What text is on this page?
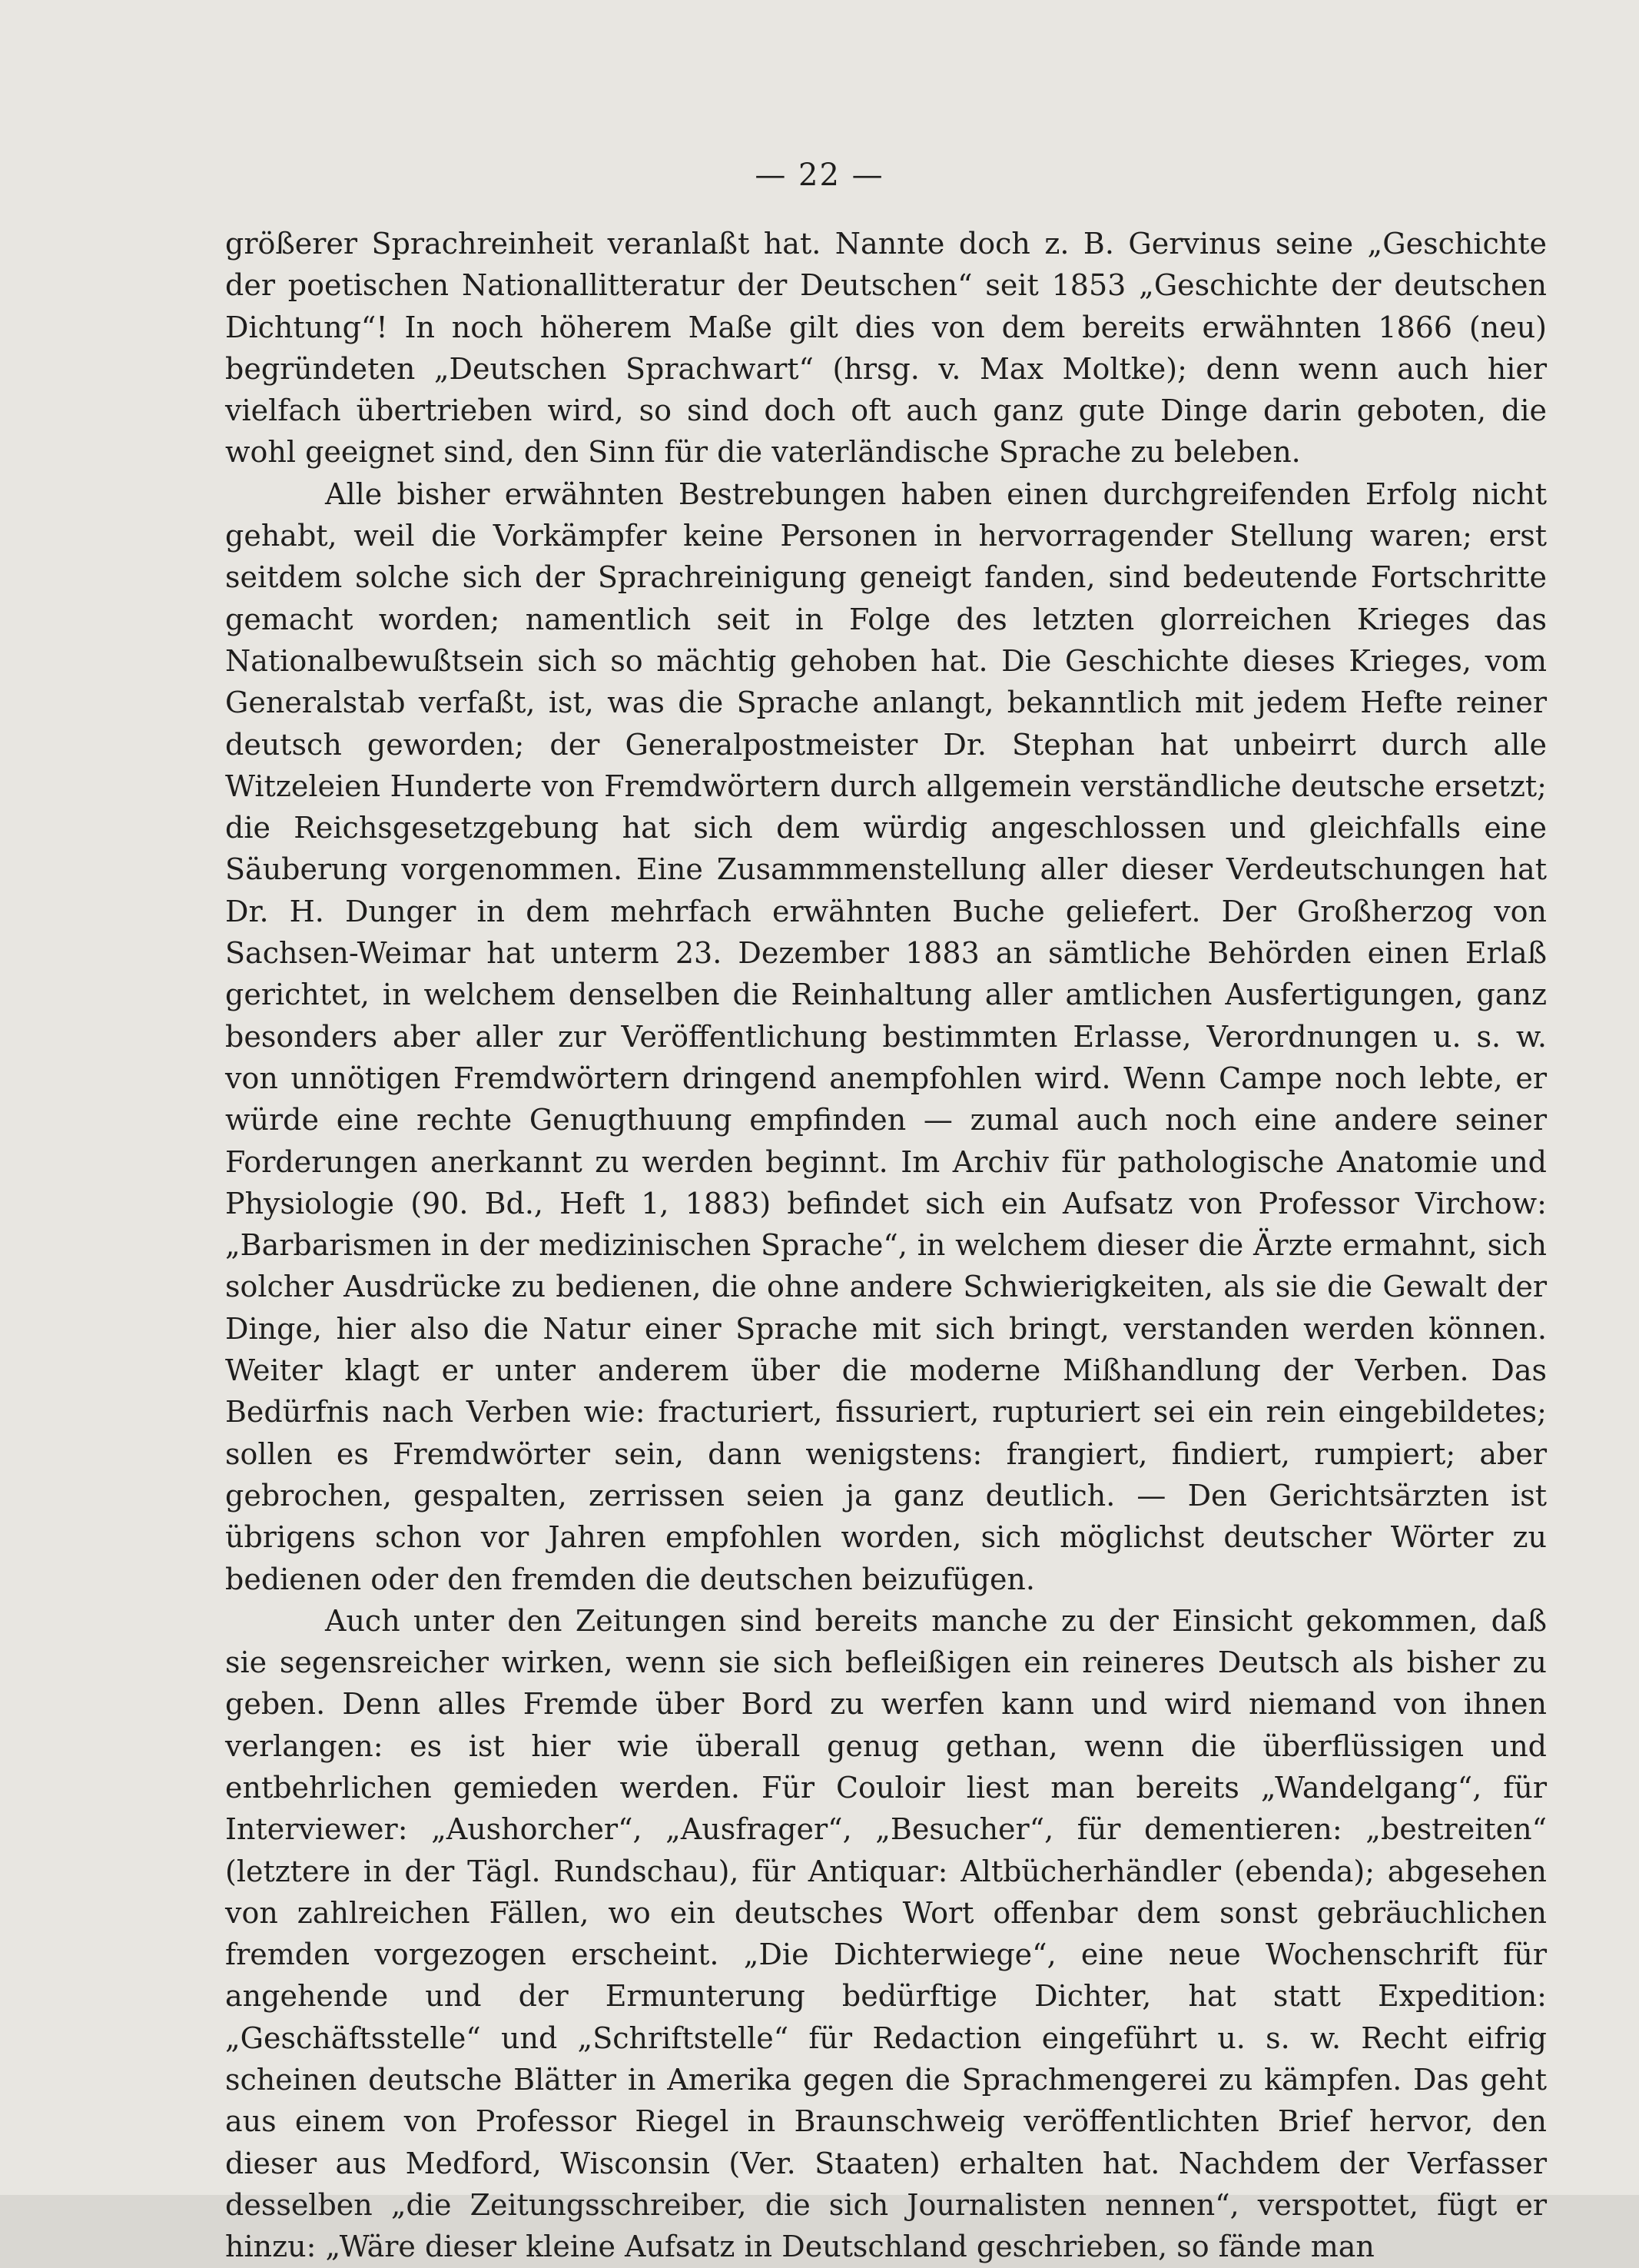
— 22 —

größerer Sprachreinheit veranlaßt hat. Nannte doch z. B. Gervinus seine „Geschichte der poetischen Nationallitteratur der Deutschen“ seit 1853 „Geschichte der deutschen Dichtung“! In noch höherem Maße gilt dies von dem bereits erwähnten 1866 (neu) begründeten „Deutschen Sprachwart“ (hrsg. v. Max Moltke); denn wenn auch hier vielfach übertrieben wird, so sind doch oft auch ganz gute Dinge darin geboten, die wohl geeignet sind, den Sinn für die vaterländische Sprache zu beleben.

Alle bisher erwähnten Bestrebungen haben einen durchgreifenden Erfolg nicht gehabt, weil die Vorkämpfer keine Personen in hervorragender Stellung waren; erst seitdem solche sich der Sprachreinigung geneigt fanden, sind bedeutende Fortschritte gemacht worden; namentlich seit in Folge des letzten glorreichen Krieges das Nationalbewußtsein sich so mächtig gehoben hat. Die Geschichte dieses Krieges, vom Generalstab verfaßt, ist, was die Sprache anlangt, bekanntlich mit jedem Hefte reiner deutsch geworden; der Generalpostmeister Dr. Stephan hat unbeirrt durch alle Witzeleien Hunderte von Fremdwörtern durch allgemein verständliche deutsche ersetzt; die Reichsgesetzgebung hat sich dem würdig angeschlossen und gleichfalls eine Säuberung vorgenommen. Eine Zusammmenstellung aller dieser Verdeutschungen hat Dr. H. Dunger in dem mehrfach erwähnten Buche geliefert. Der Großherzog von Sachsen-Weimar hat unterm 23. Dezember 1883 an sämtliche Behörden einen Erlaß gerichtet, in welchem denselben die Reinhaltung aller amtlichen Ausfertigungen, ganz besonders aber aller zur Veröffentlichung bestimmten Erlasse, Verordnungen u. s. w. von unnötigen Fremdwörtern dringend anempfohlen wird. Wenn Campe noch lebte, er würde eine rechte Genugthuung empfinden — zumal auch noch eine andere seiner Forderungen anerkannt zu werden beginnt. Im Archiv für pathologische Anatomie und Physiologie (90. Bd., Heft 1, 1883) befindet sich ein Aufsatz von Professor Virchow: „Barbarismen in der medizinischen Sprache“, in welchem dieser die Ärzte ermahnt, sich solcher Ausdrücke zu bedienen, die ohne andere Schwierigkeiten, als sie die Gewalt der Dinge, hier also die Natur einer Sprache mit sich bringt, verstanden werden können. Weiter klagt er unter anderem über die moderne Mißhandlung der Verben. Das Bedürfnis nach Verben wie: fracturiert, fissuriert, rupturiert sei ein rein eingebildetes; sollen es Fremdwörter sein, dann wenigstens: frangiert, findiert, rumpiert; aber gebrochen, gespalten, zerrissen seien ja ganz deutlich. — Den Gerichtsärzten ist übrigens schon vor Jahren empfohlen worden, sich möglichst deutscher Wörter zu bedienen oder den fremden die deutschen beizufügen.

Auch unter den Zeitungen sind bereits manche zu der Einsicht gekommen, daß sie segensreicher wirken, wenn sie sich befleißigen ein reineres Deutsch als bisher zu geben. Denn alles Fremde über Bord zu werfen kann und wird niemand von ihnen verlangen: es ist hier wie überall genug gethan, wenn die überflüssigen und entbehrlichen gemieden werden. Für Couloir liest man bereits „Wandelgang“, für Interviewer: „Aushorcher“, „Ausfrager“, „Besucher“, für dementieren: „bestreiten“ (letztere in der Tägl. Rundschau), für Antiquar: Altbücherhändler (ebenda); abgesehen von zahlreichen Fällen, wo ein deutsches Wort offenbar dem sonst gebräuchlichen fremden vorgezogen erscheint. „Die Dichterwiege“, eine neue Wochenschrift für angehende und der Ermunterung bedürftige Dichter, hat statt Expedition: „Geschäftsstelle“ und „Schriftstelle“ für Redaction eingeführt u. s. w. Recht eifrig scheinen deutsche Blätter in Amerika gegen die Sprachmengerei zu kämpfen. Das geht aus einem von Professor Riegel in Braunschweig veröffentlichten Brief hervor, den dieser aus Medford, Wisconsin (Ver. Staaten) erhalten hat. Nachdem der Verfasser desselben „die Zeitungsschreiber, die sich Journalisten nennen“, verspottet, fügt er hinzu: „Wäre dieser kleine Aufsatz in Deutschland geschrieben, so fände man
